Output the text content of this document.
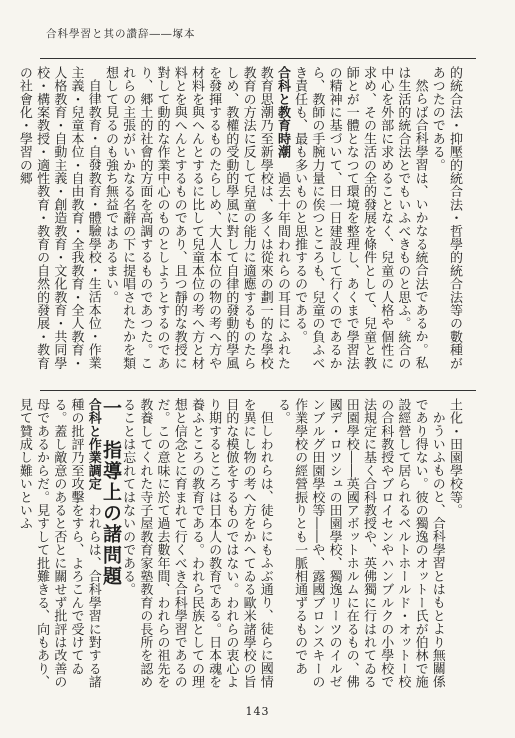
合科學習と其の讚辞――塚本

的統合法・抑壓的統合法・哲學的統合法等の數種があつたのである。

然らば合科學習は、いかなる統合法であるか。私は生活的統合法とでもいふべきものと思ふ。統合の中心を外部に求めることなく、兒童の人格や個性に求め、その生活の全的發展を條件として、兒童と教師とが一體となつて環境を整理し、あくまで學習法の精神に基づいて、日一日建設して行くのであるから、教師の手腕力量に俟つところも、兒童の負ふべき責任も、最も多いものと思推するのである。

合科と教育時潮　過去十年間われらの耳目にふれた教育思潮乃至新學校は、多くは從來の劃一的な學校教育の方法に反して兒童の能力に適應するものたらしめ、教權的受動的學風に對して自律的發動的學風を發揮するものたらしめ、大人本位の物の考へ方や材料を與へんとするに比して兒童本位の考へ方と材料とを與へんとするものであり、且つ靜的な教授に對して動的な作業中心のものとしようとするのであり、郷土的社會的方面を高調するものであつた。これらの主張がいかなる名辭の下に提唱されたかを類想して見るのも強ち無益ではあるまい。

自律教育・自發教育・體驗學校・生活本位・作業主義・兒童本位・自由教育・全我教育・全人教育・人格教育・自動主義・創造教育・文化教育・共同學校・構案教授・適性教育・教育の自然的發展・教育の社會化・學習の郷

土化・田園學校等。

かういふものと、合科學習とはもとより無關係であり得ない。彼の獨逸のオットー氏が伯林で施設經營して居られるベルトホールド・オットー校の合科教授やブロイセンやハンブルクの小學校で法規定に基く合科教授や、英佛獨に行はれてゐる田園學校――英國アボットホルムに在るもの、佛國デ・ロツシュの田園學校、獨逸リーツのイルゼンブルグ田園學校等――や、露國ブロンスキーの作業學校の經營振りとも一脈相通ずるものである。

但しわれらは、徒らにもふぶ通り、徒らに國情を異にし物の考へ方をかへてゐる歐米諸學校の旨目的な模倣をするものではない。われらの衷心より期するところは日本人の教育である。日本魂を養ふところの教育である。われら民族としての理想と信念とに育まれて行くべき合科學習であるのだ。この意味に於て過去數年間、われらの祖先を教養してくれた寺子屋教育家塾教育の長所を認めることは忘れてはないのである。

一　指導上の諸問題

合科と作業調定　われらは、合科學習に對する諸種の批評乃至攻擊をすら、よろこんで受けてゐる。蓋し敵意のあると否とに關せず批評は改善の母であるからだ。見すして批難きる、向もあり、見て贊成し難いといふ

143
